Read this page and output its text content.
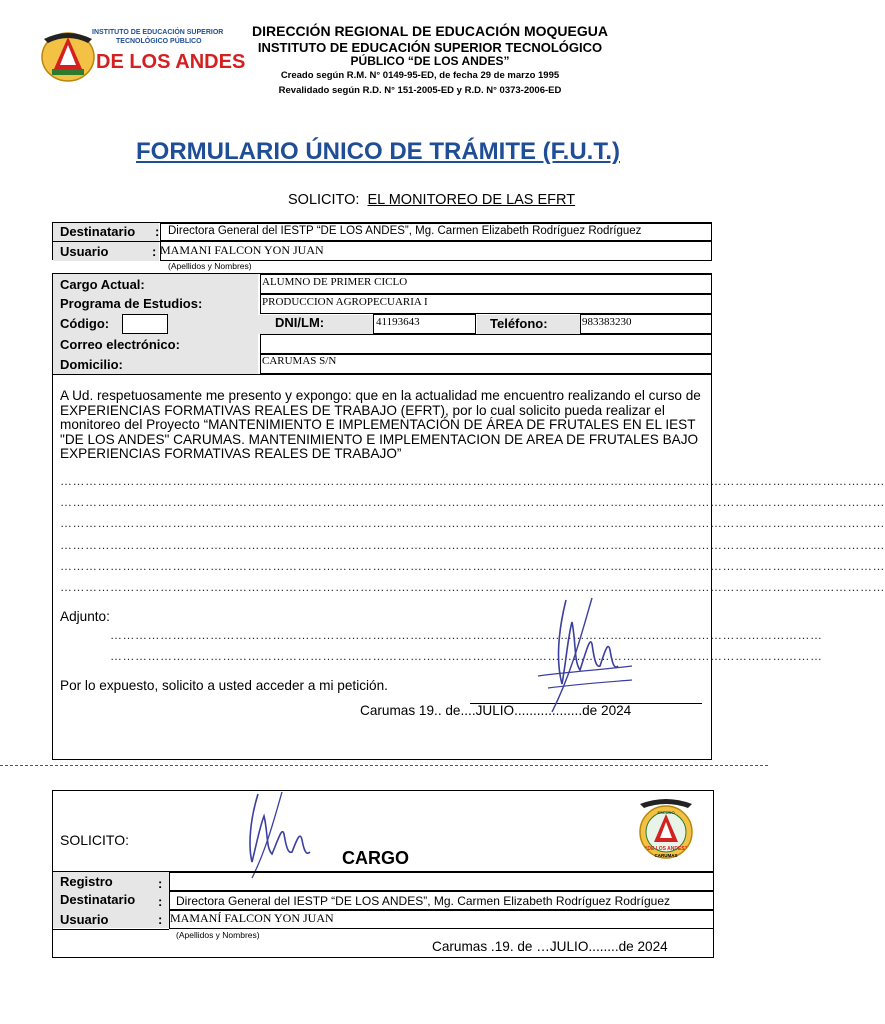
INSTITUTO DE EDUCACIÓN SUPERIOR
TECNOLÓGICO PÚBLICO
DE LOS ANDES
DIRECCIÓN REGIONAL DE EDUCACIÓN MOQUEGUA
INSTITUTO DE EDUCACIÓN SUPERIOR TECNOLÓGICO
PÚBLICO “DE LOS ANDES”
Creado según R.M. N° 0149-95-ED, de fecha 29 de marzo 1995
Revalidado según R.D. N° 151-2005-ED y R.D. N° 0373-2006-ED
FORMULARIO ÚNICO DE TRÁMITE (F.U.T.)
SOLICITO: EL MONITOREO DE LAS EFRT
Destinatario : Directora General del IESTP “DE LOS ANDES”, Mg. Carmen Elizabeth Rodríguez Rodríguez
Usuario	: MAMANI FALCON YON JUAN
(Apellidos y Nombres)
Cargo Actual:	ALUMNO DE PRIMER CICLO
Programa de Estudios:	PRODUCCION AGROPECUARIA I
Código:	DNI/LM:	41193643	Teléfono:	983383230
Correo electrónico:
Domicilio:	CARUMAS S/N
A Ud. respetuosamente me presento y expongo: que en la actualidad me encuentro realizando el curso de EXPERIENCIAS FORMATIVAS REALES DE TRABAJO (EFRT), por lo cual solicito pueda realizar el monitoreo del Proyecto “MANTENIMIENTO E IMPLEMENTACIÓN DE ÁREA DE FRUTALES EN EL IEST "DE LOS ANDES" CARUMAS. MANTENIMIENTO E IMPLEMENTACION DE AREA DE FRUTALES BAJO EXPERIENCIAS FORMATIVAS REALES DE TRABAJO”
………………………………………………………………………………………………………………………………………………………………………………
………………………………………………………………………………………………………………………………………………………………………………
………………………………………………………………………………………………………………………………………………………………………………
………………………………………………………………………………………………………………………………………………………………………………
………………………………………………………………………………………………………………………………………………………………………………
………………………………………………………………………………………………………………………………………………………………………………
Adjunto:
………………………………………………………………………………………………………………………………………………………
………………………………………………………………………………………………………………………………………………………
Por lo expuesto, solicito a usted acceder a mi petición.
Carumas 19.. de....JULIO..................de 2024
SOLICITO:
CARGO
ESCUDO
“DE LOS ANDES”
CARUMAS
Registro	:
Destinatario : Directora General del IESTP “DE LOS ANDES”, Mg. Carmen Elizabeth Rodríguez Rodríguez
Usuario	: MAMANÍ FALCON YON JUAN
(Apellidos y Nombres)
Carumas .19. de …JULIO........de 2024
